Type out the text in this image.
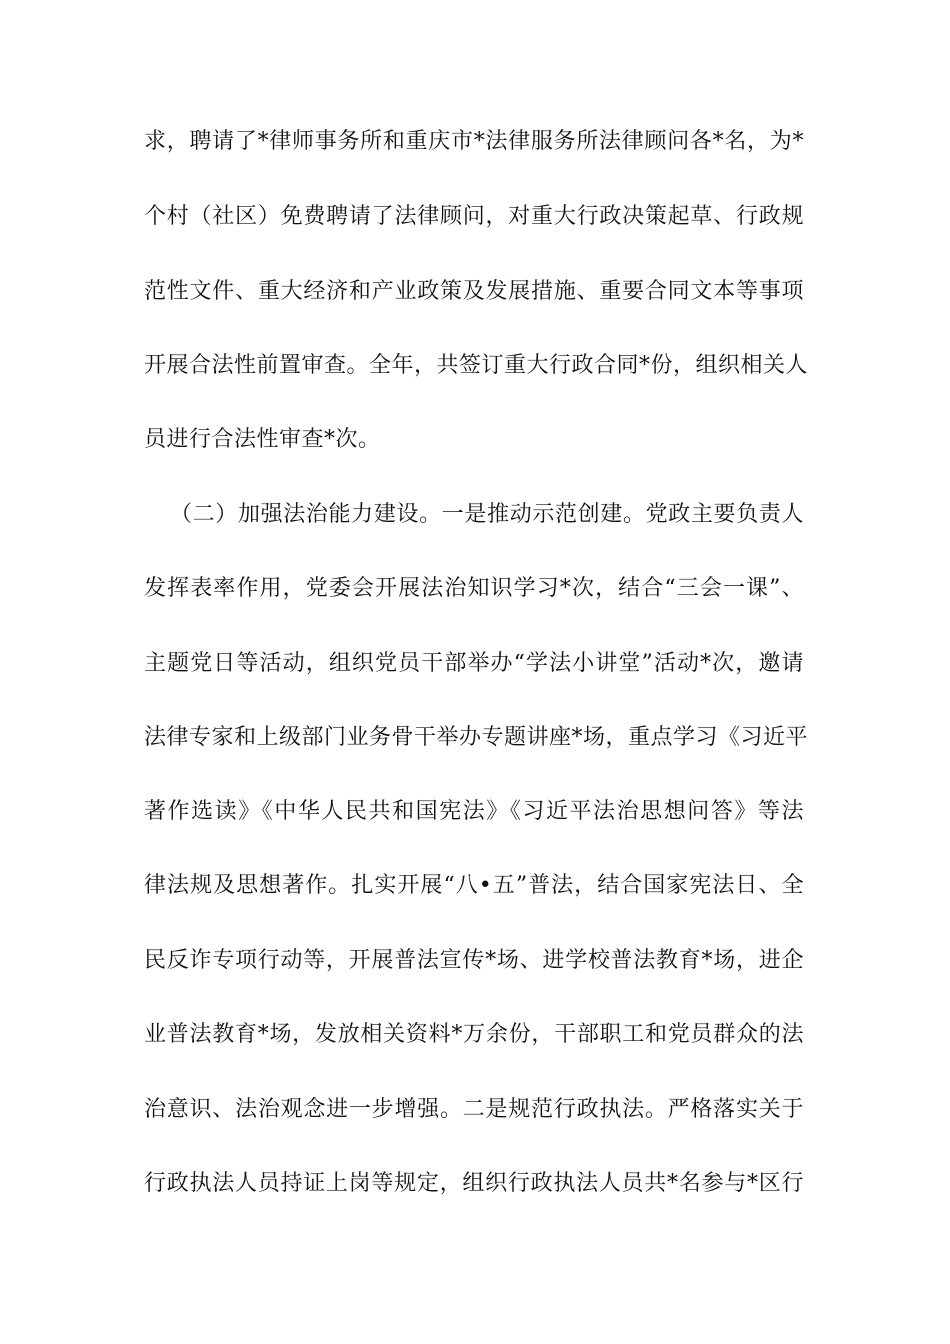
求，聘请了*律师事务所和重庆市*法律服务所法律顾问各*名，为*
个村（社区）免费聘请了法律顾问，对重大行政决策起草、行政规
范性文件、重大经济和产业政策及发展措施、重要合同文本等事项
开展合法性前置审查。全年，共签订重大行政合同*份，组织相关人
员进行合法性审查*次。
（二）加强法治能力建设。一是推动示范创建。党政主要负责人
发挥表率作用，党委会开展法治知识学习*次，结合“三会一课”、
主题党日等活动，组织党员干部举办“学法小讲堂”活动*次，邀请
法律专家和上级部门业务骨干举办专题讲座*场，重点学习《习近平
著作选读》《中华人民共和国宪法》《习近平法治思想问答》等法
律法规及思想著作。扎实开展“八•五”普法，结合国家宪法日、全
民反诈专项行动等，开展普法宣传*场、进学校普法教育*场，进企
业普法教育*场，发放相关资料*万余份，干部职工和党员群众的法
治意识、法治观念进一步增强。二是规范行政执法。严格落实关于
行政执法人员持证上岗等规定，组织行政执法人员共*名参与*区行
